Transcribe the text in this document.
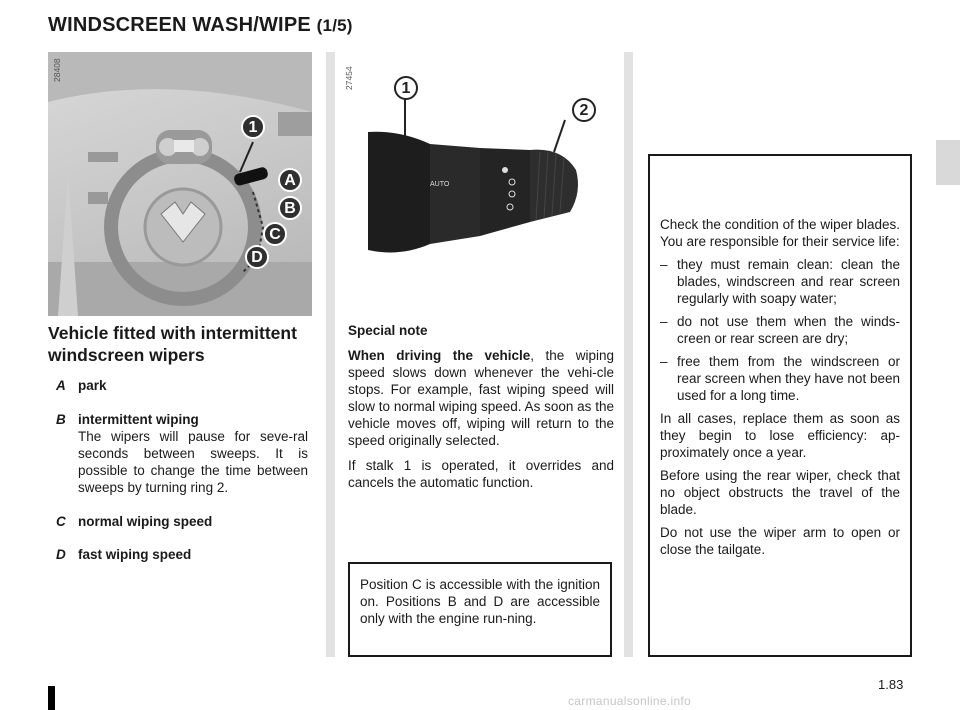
WINDSCREEN WASH/WIPE (1/5)
28408
1
A
B
C
D
AUTO
27454	1
2
Vehicle fitted with intermittent windscreen wipers
A park
B intermittent wiping
The wipers will pause for seve-ral seconds between sweeps. It is possible to change the time between sweeps by turning ring 2.
C normal wiping speed
D fast wiping speed
Special note
When driving the vehicle, the wiping speed slows down whenever the vehi-cle stops. For example, fast wiping speed will slow to normal wiping speed. As soon as the vehicle moves off, wiping will return to the speed originally selected.
If stalk 1 is operated, it overrides and cancels the automatic function.
Position C is accessible with the ignition on. Positions B and D are accessible only with the engine run-ning.

Check the condition of the wiper blades. You are responsible for their service life:

– they must remain clean: clean the blades, windscreen and rear screen regularly with soapy water;
– do not use them when the winds-creen or rear screen are dry;
– free them from the windscreen or rear screen when they have not been used for a long time.

In all cases, replace them as soon as they begin to lose efficiency: ap-proximately once a year.

Before using the rear wiper, check that no object obstructs the travel of the blade.

Do not use the wiper arm to open or close the tailgate.

1.83
carmanualsonline.info
